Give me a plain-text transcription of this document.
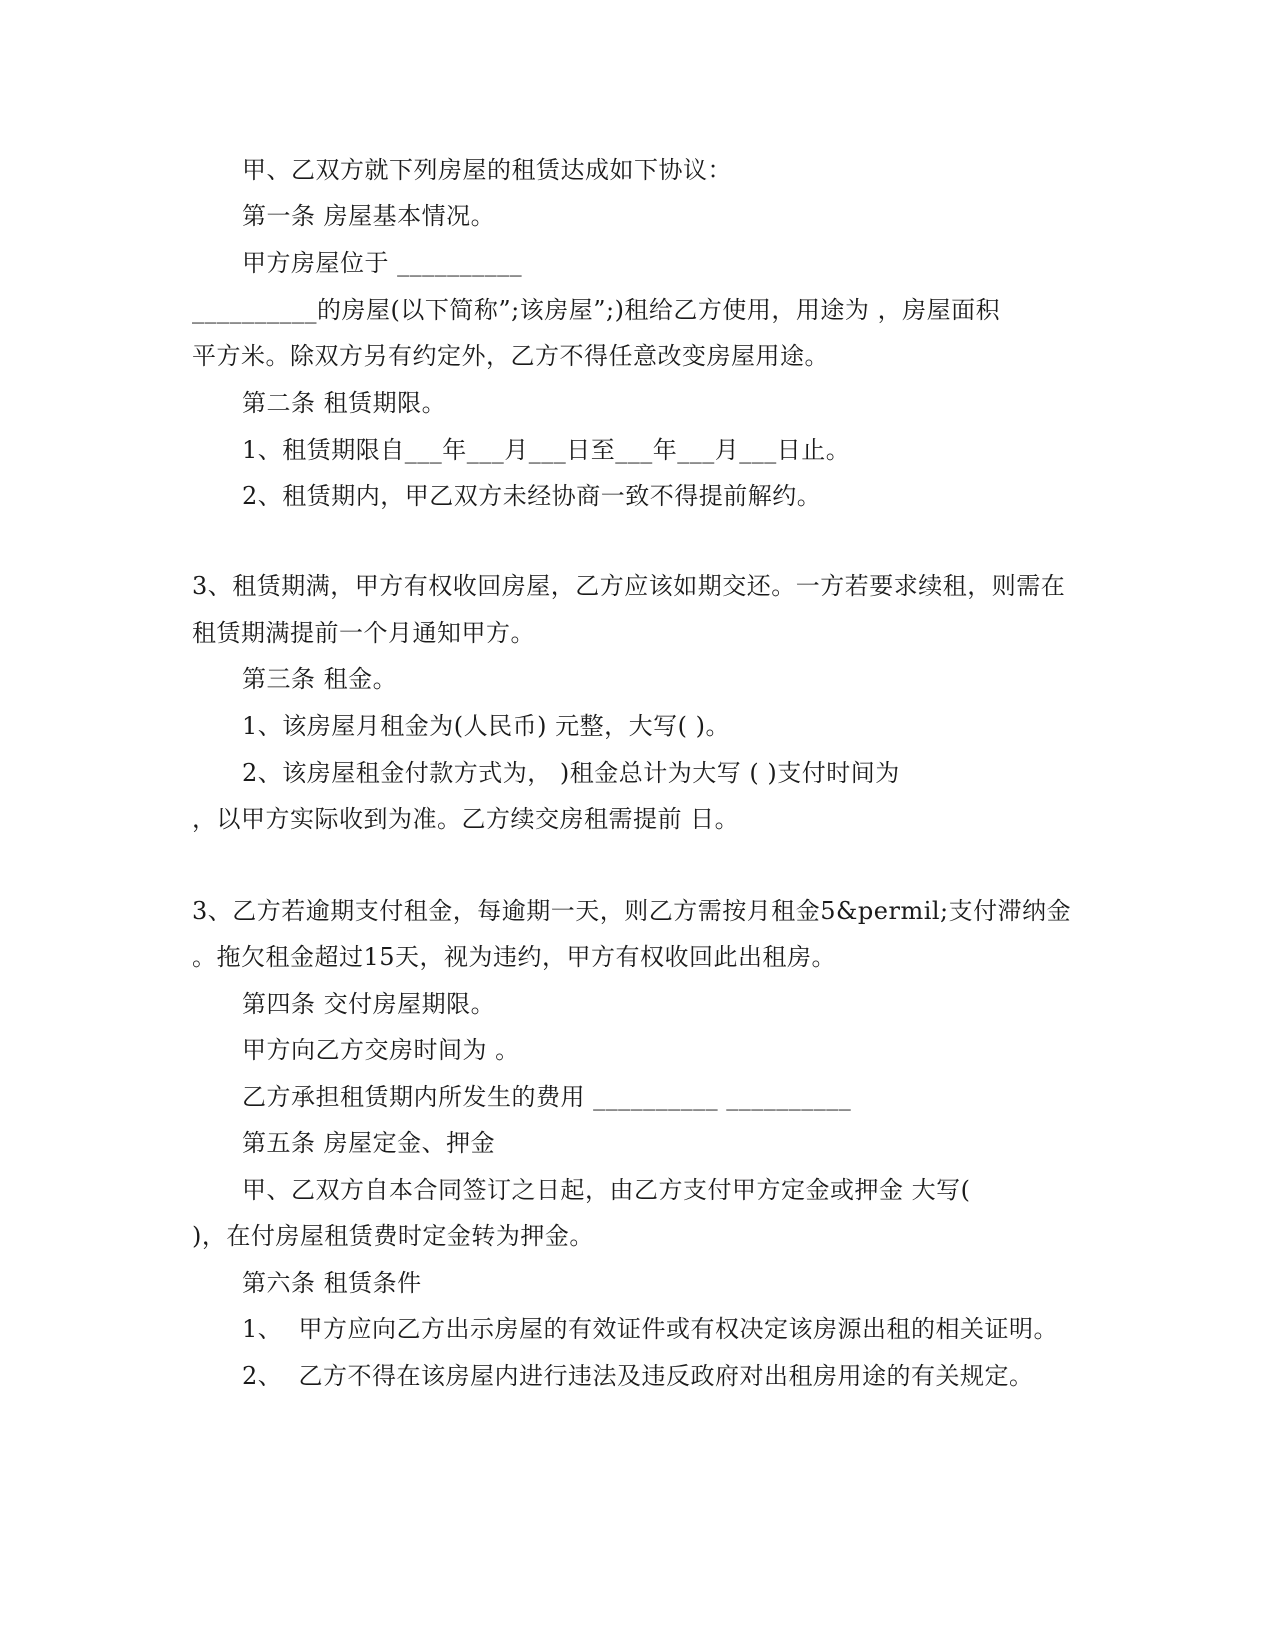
甲、乙双方就下列房屋的租赁达成如下协议：
第一条 房屋基本情况。
甲方房屋位于 __________
__________的房屋(以下简称”;该房屋”;)租给乙方使用，用途为 ，房屋面积
平方米。除双方另有约定外，乙方不得任意改变房屋用途。
第二条 租赁期限。
1、租赁期限自___年___月___日至___年___月___日止。
2、租赁期内，甲乙双方未经协商一致不得提前解约。
3、租赁期满，甲方有权收回房屋，乙方应该如期交还。一方若要求续租，则需在
租赁期满提前一个月通知甲方。
第三条 租金。
1、该房屋月租金为(人民币) 元整，大写( )。
2、该房屋租金付款方式为， )租金总计为大写 ( )支付时间为
，以甲方实际收到为准。乙方续交房租需提前 日。
3、乙方若逾期支付租金，每逾期一天，则乙方需按月租金5&permil;支付滞纳金
。拖欠租金超过15天，视为违约，甲方有权收回此出租房。
第四条 交付房屋期限。
甲方向乙方交房时间为 。
乙方承担租赁期内所发生的费用 __________ __________
第五条 房屋定金、押金
甲、乙双方自本合同签订之日起，由乙方支付甲方定金或押金 大写(
)，在付房屋租赁费时定金转为押金。
第六条 租赁条件
1、  甲方应向乙方出示房屋的有效证件或有权决定该房源出租的相关证明。
2、  乙方不得在该房屋内进行违法及违反政府对出租房用途的有关规定。
